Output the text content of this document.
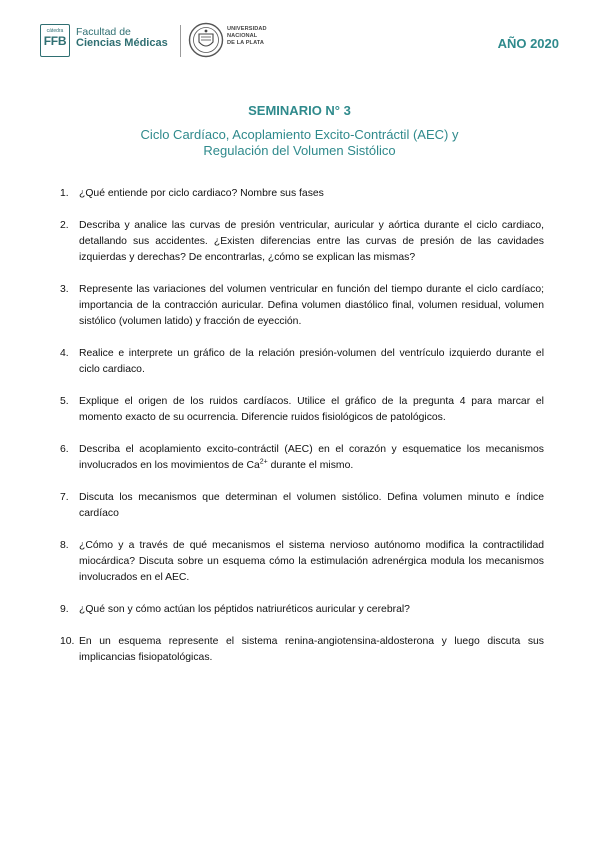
cátedra
FFB
Facultad de
Ciencias Médicas
UNIVERSIDAD
NACIONAL
DE LA PLATA	AÑO 2020
SEMINARIO N° 3
Ciclo Cardíaco, Acoplamiento Excito-Contráctil (AEC) y
Regulación del Volumen Sistólico
1. ¿Qué entiende por ciclo cardiaco? Nombre sus fases
2. Describa y analice las curvas de presión ventricular, auricular y aórtica durante el ciclo cardiaco, detallando sus accidentes. ¿Existen diferencias entre las curvas de presión de las cavidades izquierdas y derechas? De encontrarlas, ¿cómo se explican las mismas?
3. Represente las variaciones del volumen ventricular en función del tiempo durante el ciclo cardíaco; importancia de la contracción auricular. Defina volumen diastólico final, volumen residual, volumen sistólico (volumen latido) y fracción de eyección.
4. Realice e interprete un gráfico de la relación presión-volumen del ventrículo izquierdo durante el ciclo cardiaco.
5. Explique el origen de los ruidos cardíacos. Utilice el gráfico de la pregunta 4 para marcar el momento exacto de su ocurrencia. Diferencie ruidos fisiológicos de patológicos.
6. Describa el acoplamiento excito-contráctil (AEC) en el corazón y esquematice los mecanismos involucrados en los movimientos de $Ca^{2+}$ durante el mismo.
7. Discuta los mecanismos que determinan el volumen sistólico. Defina volumen minuto e índice cardíaco
8. ¿Cómo y a través de qué mecanismos el sistema nervioso autónomo modifica la contractilidad miocárdica? Discuta sobre un esquema cómo la estimulación adrenérgica modula los mecanismos involucrados en el AEC.
9. ¿Qué son y cómo actúan los péptidos natriuréticos auricular y cerebral?
10. En un esquema represente el sistema renina-angiotensina-aldosterona y luego discuta sus implicancias fisiopatológicas.
